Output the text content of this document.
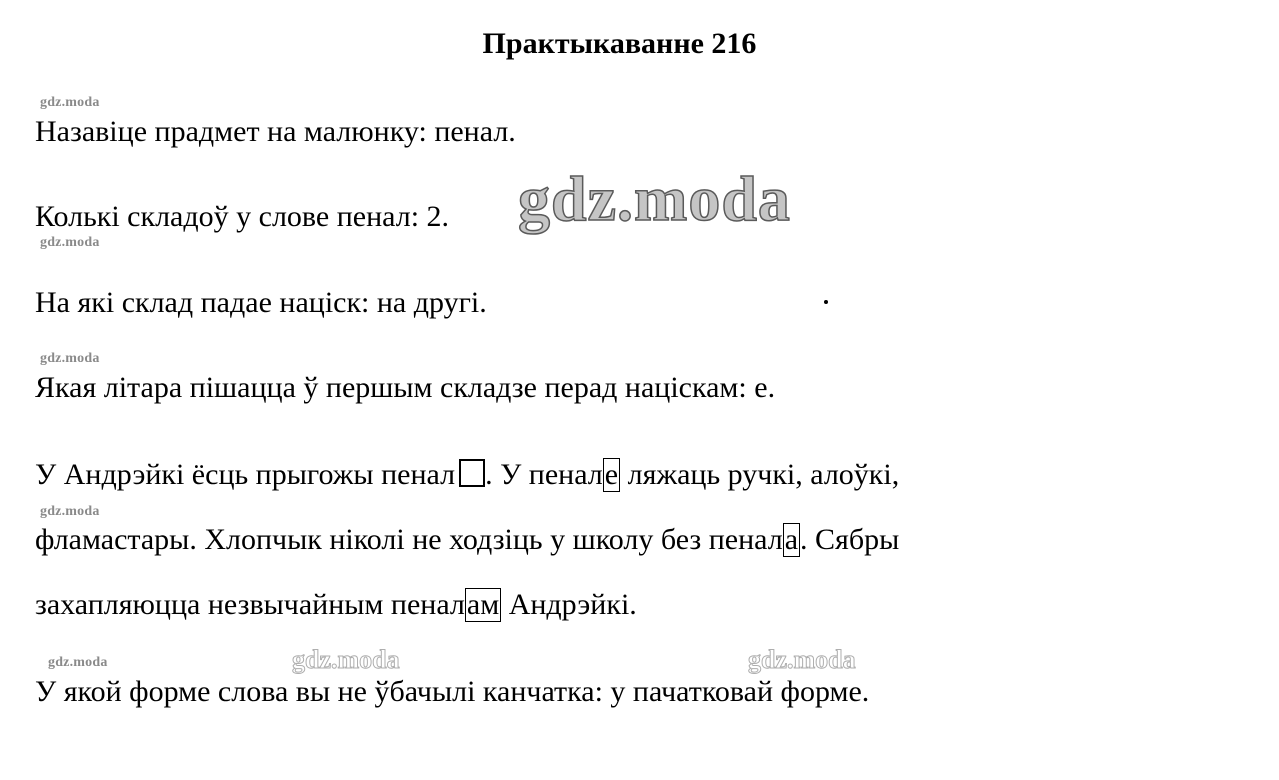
Практыкаванне 216
gdz.moda
gdz.moda
gdz.moda
gdz.moda
gdz.moda	gdz.moda	gdz.moda
gdz.moda

Назавіце прадмет на малюнку: пенал.

Колькі складоў у слове пенал: 2.

На які склад падае націск: на другі.

Якая літара пішацца ў першым складзе перад націскам: е.

У Андрэйкі ёсць прыгожы пенал . У пенале ляжаць ручкі, алоўкі,

фламастары. Хлопчык ніколі не ходзіць у школу без пенала. Сябры

захапляюцца незвычайным пеналам Андрэйкі.

У якой форме слова вы не ўбачылі канчатка: у пачатковай форме.
